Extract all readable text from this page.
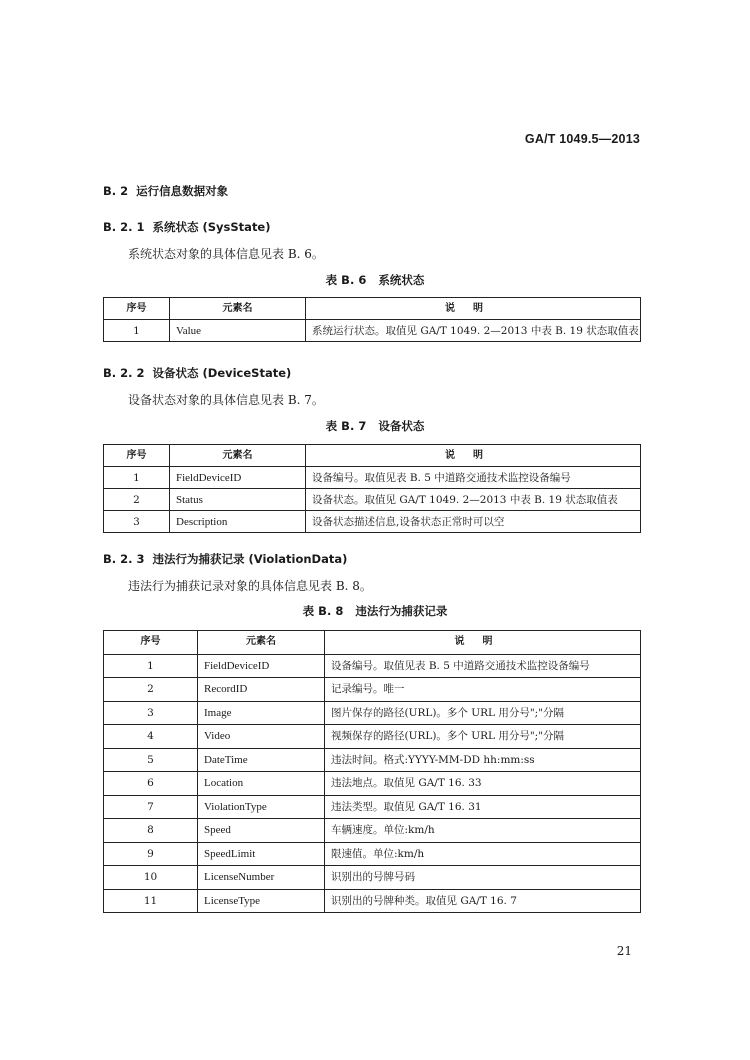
GA/T 1049.5—2013
B. 2 运行信息数据对象
B. 2. 1 系统状态 (SysState)
系统状态对象的具体信息见表 B. 6。
表 B. 6 系统状态
序号	元素名	说明
1	Value	系统运行状态。取值见 GA/T 1049. 2—2013 中表 B. 19 状态取值表
B. 2. 2 设备状态 (DeviceState)
设备状态对象的具体信息见表 B. 7。
表 B. 7 设备状态
序号	元素名	说明
1	FieldDeviceID	设备编号。取值见表 B. 5 中道路交通技术监控设备编号
2	Status	设备状态。取值见 GA/T 1049. 2—2013 中表 B. 19 状态取值表
3	Description	设备状态描述信息,设备状态正常时可以空
B. 2. 3 违法行为捕获记录 (ViolationData)
违法行为捕获记录对象的具体信息见表 B. 8。
表 B. 8 违法行为捕获记录
序号	元素名	说明
1	FieldDeviceID	设备编号。取值见表 B. 5 中道路交通技术监控设备编号
2	RecordID	记录编号。唯一
3	Image	图片保存的路径(URL)。多个 URL 用分号";"分隔
4	Video	视频保存的路径(URL)。多个 URL 用分号";"分隔
5	DateTime	违法时间。格式:YYYY-MM-DD hh:mm:ss
6	Location	违法地点。取值见 GA/T 16. 33
7	ViolationType	违法类型。取值见 GA/T 16. 31
8	Speed	车辆速度。单位:km/h
9	SpeedLimit	限速值。单位:km/h
10	LicenseNumber	识别出的号牌号码
11	LicenseType	识别出的号牌种类。取值见 GA/T 16. 7
21
